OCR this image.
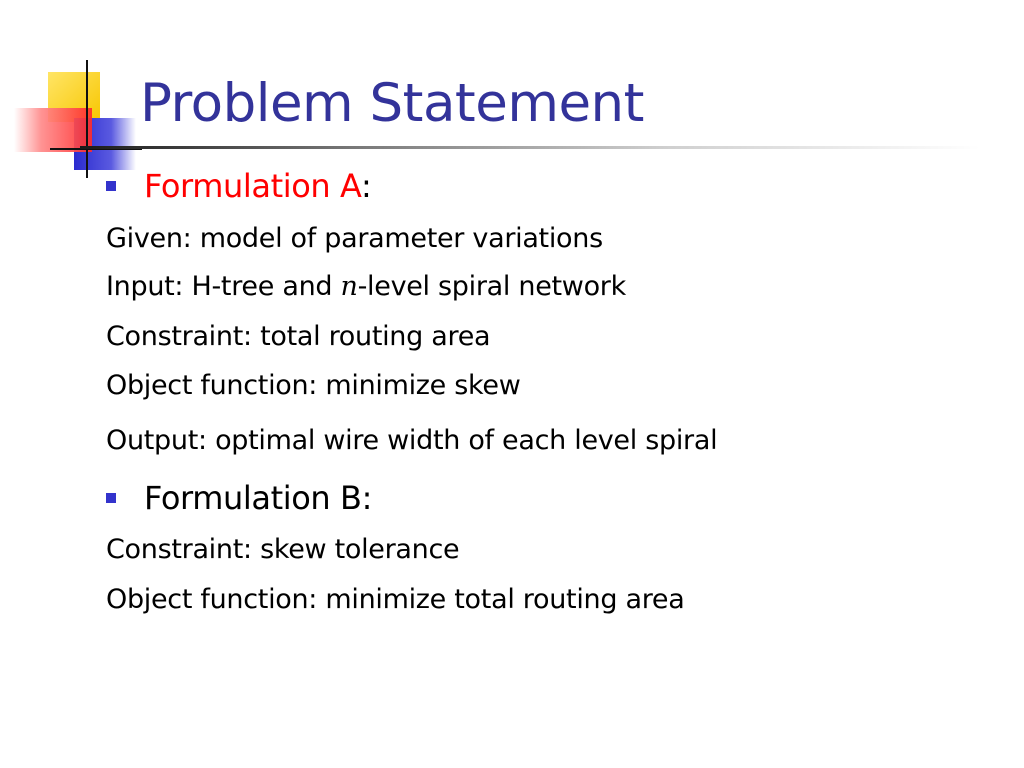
Problem Statement
Formulation A:
Given: model of parameter variations
Input: H-tree and n-level spiral network
Constraint: total routing area
Object function: minimize skew
Output: optimal wire width of each level spiral
Formulation B:
Constraint: skew tolerance
Object function: minimize total routing area
